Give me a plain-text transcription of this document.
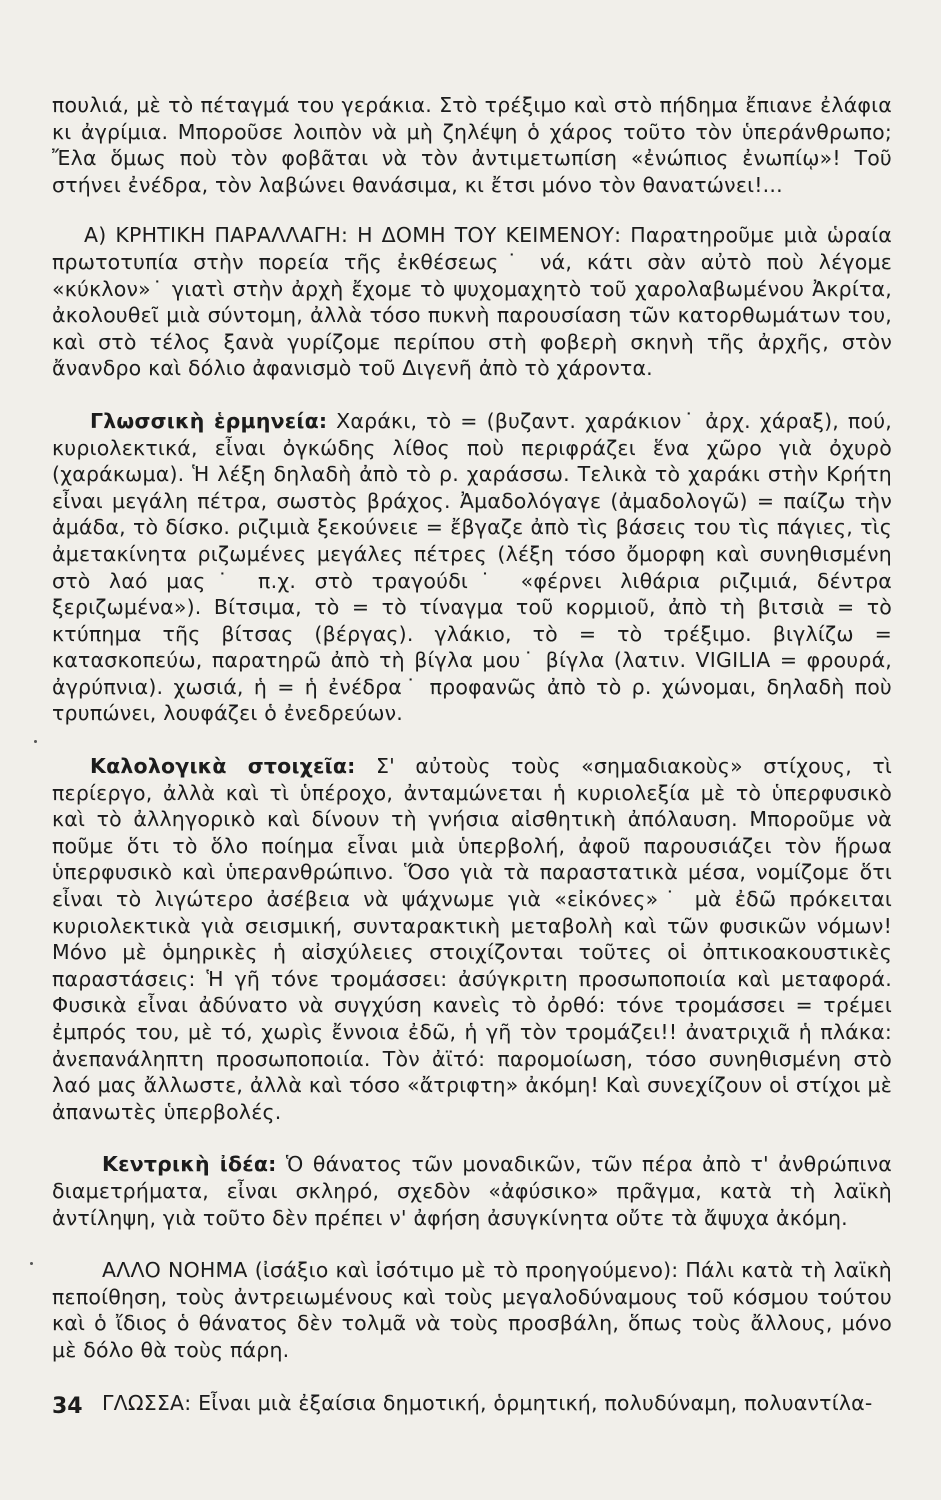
πουλιά, μὲ τὸ πέταγμά του γεράκια. Στὸ τρέξιμο καὶ στὸ πήδημα ἔπιανε ἐλάφια κι ἀγρίμια. Μποροῦσε λοιπὸν νὰ μὴ ζηλέψη ὁ χάρος τοῦτο τὸν ὑπεράνθρωπο; Ἔλα ὅμως ποὺ τὸν φοβᾶται νὰ τὸν ἀντιμετωπίση «ἐνώπιος ἐνωπίῳ»! Τοῦ στήνει ἐνέδρα, τὸν λαβώνει θανάσιμα, κι ἔτσι μόνο τὸν θανατώνει!...

Α) ΚΡΗΤΙΚΗ ΠΑΡΑΛΛΑΓΗ: Η ΔΟΜΗ ΤΟΥ ΚΕΙΜΕΝΟΥ: Παρατηροῦμε μιὰ ὡραία πρωτοτυπία στὴν πορεία τῆς ἐκθέσεως˙ νά, κάτι σὰν αὐτὸ ποὺ λέγομε «κύκλον»˙ γιατὶ στὴν ἀρχὴ ἔχομε τὸ ψυχομαχητὸ τοῦ χαρολαβωμένου Ἀκρίτα, ἀκολουθεῖ μιὰ σύντομη, ἀλλὰ τόσο πυκνὴ παρουσίαση τῶν κατορθωμάτων του, καὶ στὸ τέλος ξανὰ γυρίζομε περίπου στὴ φοβερὴ σκηνὴ τῆς ἀρχῆς, στὸν ἄνανδρο καὶ δόλιο ἀφανισμὸ τοῦ Διγενῆ ἀπὸ τὸ χάροντα.

Γλωσσικὴ ἑρμηνεία: Χαράκι, τὸ = (βυζαντ. χαράκιον˙ ἀρχ. χάραξ), πού, κυριολεκτικά, εἶναι ὀγκώδης λίθος ποὺ περιφράζει ἕνα χῶρο γιὰ ὀχυρὸ (χαράκωμα). Ἡ λέξη δηλαδὴ ἀπὸ τὸ ρ. χαράσσω. Τελικὰ τὸ χαράκι στὴν Κρήτη εἶναι μεγάλη πέτρα, σωστὸς βράχος. Ἀμαδολόγαγε (ἀμαδολογῶ) = παίζω τὴν ἀμάδα, τὸ δίσκο. ριζιμιὰ ξεκούνειε = ἔβγαζε ἀπὸ τὶς βάσεις του τὶς πάγιες, τὶς ἀμετακίνητα ριζωμένες μεγάλες πέτρες (λέξη τόσο ὄμορφη καὶ συνηθισμένη στὸ λαό μας˙ π.χ. στὸ τραγούδι˙ «φέρνει λιθάρια ριζιμιά, δέντρα ξεριζωμένα»). Βίτσιμα, τὸ = τὸ τίναγμα τοῦ κορμιοῦ, ἀπὸ τὴ βιτσιὰ = τὸ κτύπημα τῆς βίτσας (βέργας). γλάκιο, τὸ = τὸ τρέξιμο. βιγλίζω = κατασκοπεύω, παρατηρῶ ἀπὸ τὴ βίγλα μου˙ βίγλα (λατιν. VIGILIA = φρουρά, ἀγρύπνια). χωσιά, ἡ = ἡ ἐνέδρα˙ προφανῶς ἀπὸ τὸ ρ. χώνομαι, δηλαδὴ ποὺ τρυπώνει, λουφάζει ὁ ἐνεδρεύων.

Καλολογικὰ στοιχεῖα: Σ' αὐτοὺς τοὺς «σημαδιακοὺς» στίχους, τὶ περίεργο, ἀλλὰ καὶ τὶ ὑπέροχο, ἀνταμώνεται ἡ κυριολεξία μὲ τὸ ὑπερφυσικὸ καὶ τὸ ἀλληγορικὸ καὶ δίνουν τὴ γνήσια αἰσθητικὴ ἀπόλαυση. Μποροῦμε νὰ ποῦμε ὅτι τὸ ὅλο ποίημα εἶναι μιὰ ὑπερβολή, ἀφοῦ παρουσιάζει τὸν ἥρωα ὑπερφυσικὸ καὶ ὑπερανθρώπινο. Ὅσο γιὰ τὰ παραστατικὰ μέσα, νομίζομε ὅτι εἶναι τὸ λιγώτερο ἀσέβεια νὰ ψάχνωμε γιὰ «εἰκόνες»˙ μὰ ἐδῶ πρόκειται κυριολεκτικὰ γιὰ σεισμική, συνταρακτικὴ μεταβολὴ καὶ τῶν φυσικῶν νόμων! Μόνο μὲ ὁμηρικὲς ἡ αἰσχύλειες στοιχίζονται τοῦτες οἱ ὀπτικοακουστικὲς παραστάσεις: Ἡ γῆ τόνε τρομάσσει: ἀσύγκριτη προσωποποιία καὶ μεταφορά. Φυσικὰ εἶναι ἀδύνατο νὰ συγχύση κανεὶς τὸ ὀρθό: τόνε τρομάσσει = τρέμει ἐμπρός του, μὲ τό, χωρὶς ἔννοια ἐδῶ, ἡ γῆ τὸν τρομάζει!! ἀνατριχιᾶ ἡ πλάκα: ἀνεπανάληπτη προσωποποιία. Τὸν ἀϊτό: παρομοίωση, τόσο συνηθισμένη στὸ λαό μας ἄλλωστε, ἀλλὰ καὶ τόσο «ἄτριφτη» ἀκόμη! Καὶ συνεχίζουν οἱ στίχοι μὲ ἀπανωτὲς ὑπερβολές.

Κεντρικὴ ἰδέα: Ὁ θάνατος τῶν μοναδικῶν, τῶν πέρα ἀπὸ τ' ἀνθρώπινα διαμετρήματα, εἶναι σκληρό, σχεδὸν «ἀφύσικο» πρᾶγμα, κατὰ τὴ λαϊκὴ ἀντίληψη, γιὰ τοῦτο δὲν πρέπει ν' ἀφήση ἀσυγκίνητα οὔτε τὰ ἄψυχα ἀκόμη.

ΑΛΛΟ ΝΟΗΜΑ (ἰσάξιο καὶ ἰσότιμο μὲ τὸ προηγούμενο): Πάλι κατὰ τὴ λαϊκὴ πεποίθηση, τοὺς ἀντρειωμένους καὶ τοὺς μεγαλοδύναμους τοῦ κόσμου τούτου καὶ ὁ ἴδιος ὁ θάνατος δὲν τολμᾶ νὰ τοὺς προσβάλη, ὅπως τοὺς ἄλλους, μόνο μὲ δόλο θὰ τοὺς πάρη.

ΓΛΩΣΣΑ: Εἶναι μιὰ ἐξαίσια δημοτική, ὁρμητική, πολυδύναμη, πολυαντίλα-

34
